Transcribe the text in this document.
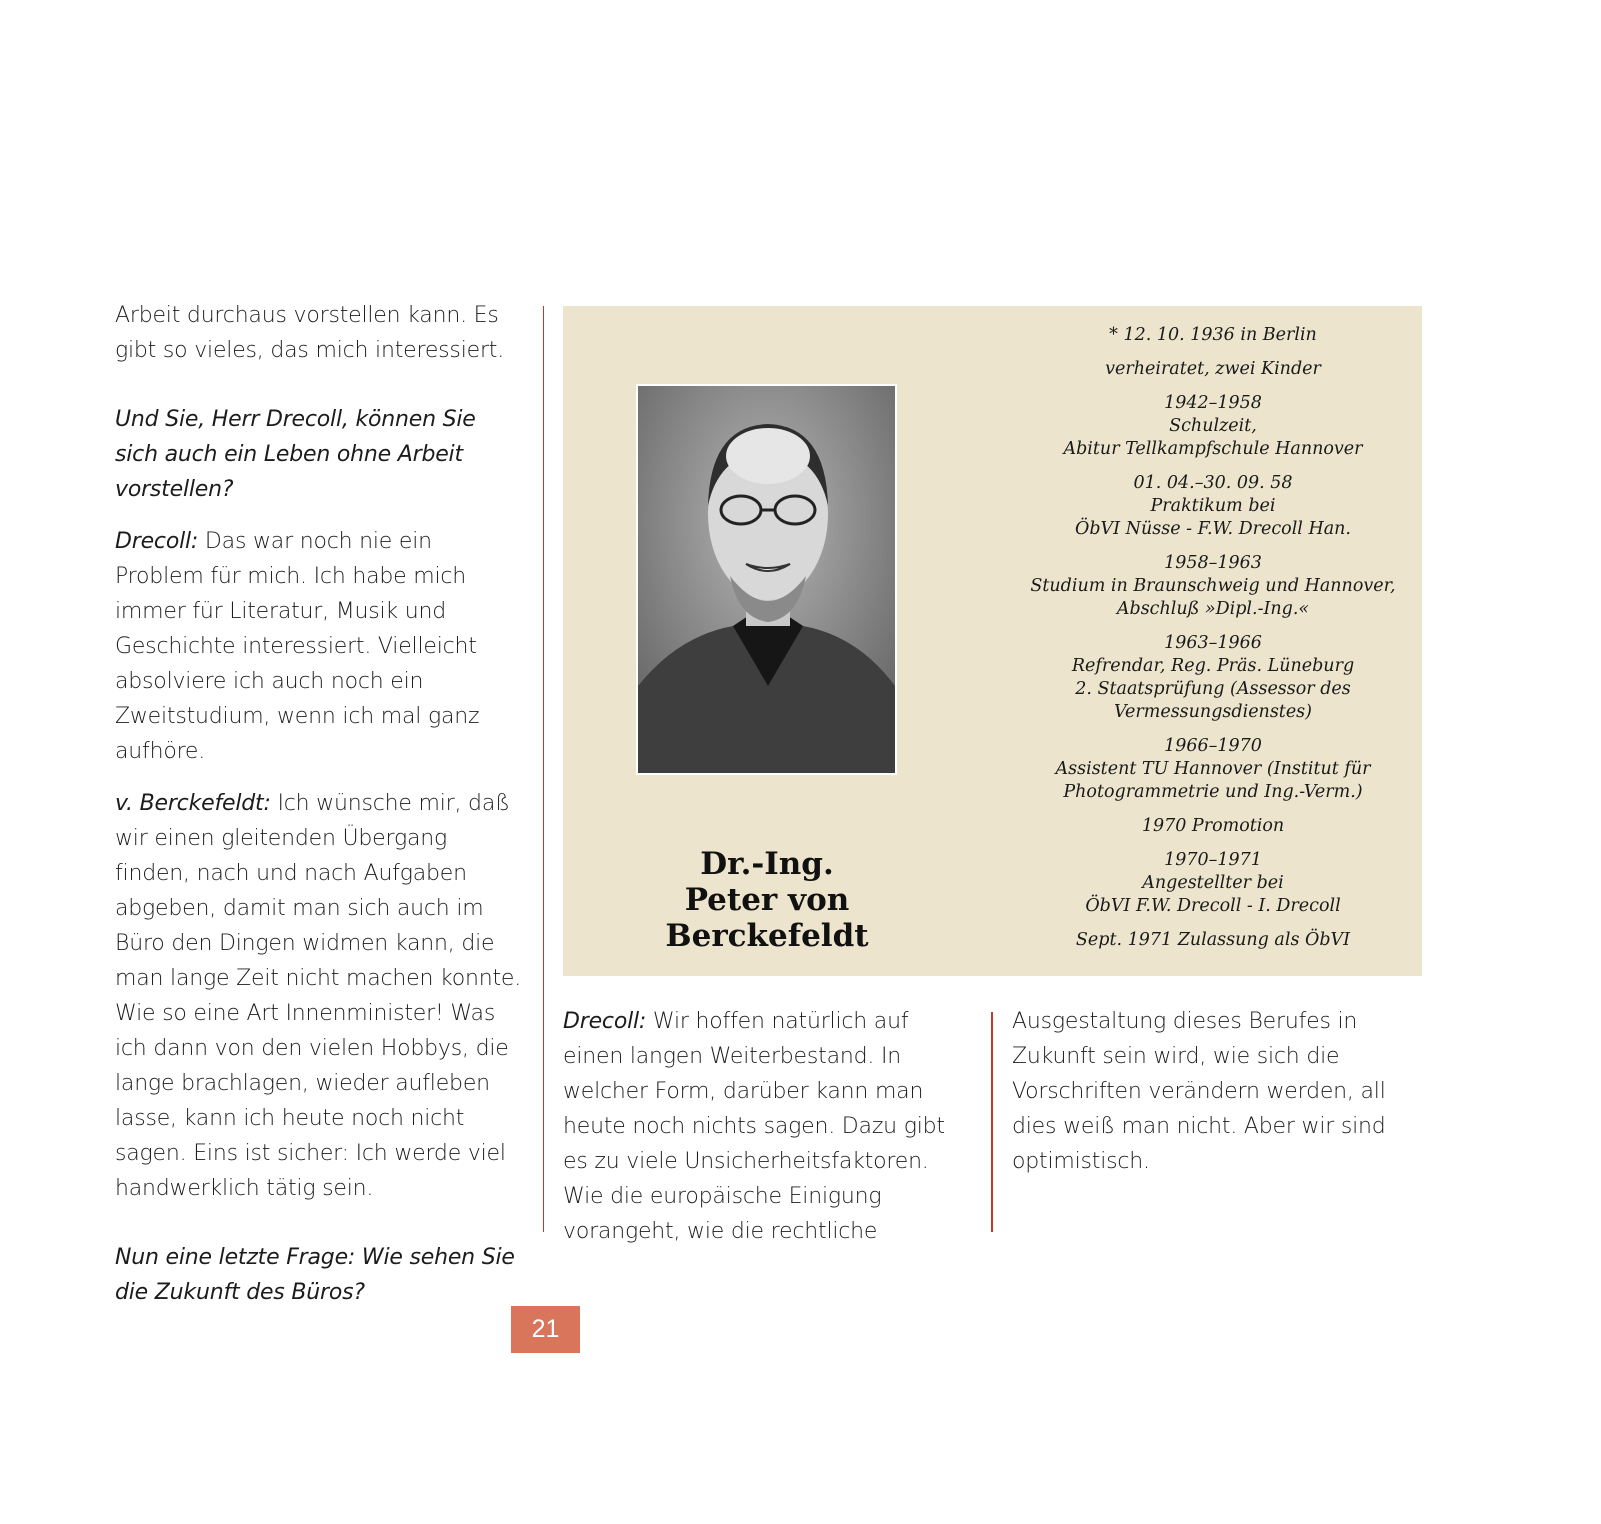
Arbeit durchaus vorstellen kann. Es gibt so vieles, das mich interessiert.

Und Sie, Herr Drecoll, können Sie sich auch ein Leben ohne Arbeit vorstellen?

Drecoll: Das war noch nie ein Problem für mich. Ich habe mich immer für Literatur, Musik und Geschichte interessiert. Vielleicht absolviere ich auch noch ein Zweitstudium, wenn ich mal ganz aufhöre.

v. Berckefeldt: Ich wünsche mir, daß wir einen gleitenden Übergang finden, nach und nach Aufgaben abgeben, damit man sich auch im Büro den Dingen widmen kann, die man lange Zeit nicht machen konnte. Wie so eine Art Innenminister! Was ich dann von den vielen Hobbys, die lange brachlagen, wieder aufleben lasse, kann ich heute noch nicht sagen. Eins ist sicher: Ich werde viel handwerklich tätig sein.

Nun eine letzte Frage: Wie sehen Sie die Zukunft des Büros?

Dr.-Ing.
Peter von Berckefeldt
* 12. 10. 1936 in Berlin
verheiratet, zwei Kinder
1942–1958
Schulzeit,
Abitur Tellkampfschule Hannover
01. 04.–30. 09. 58
Praktikum bei
ÖbVI Nüsse - F.W. Drecoll Han.
1958–1963
Studium in Braunschweig und Hannover,
Abschluß »Dipl.-Ing.«
1963–1966
Refrendar, Reg. Präs. Lüneburg
2. Staatsprüfung (Assessor des
Vermessungsdienstes)
1966–1970
Assistent TU Hannover (Institut für
Photogrammetrie und Ing.-Verm.)
1970 Promotion
1970–1971
Angestellter bei
ÖbVI F.W. Drecoll - I. Drecoll
Sept. 1971 Zulassung als ÖbVI

Drecoll: Wir hoffen natürlich auf einen langen Weiterbestand. In welcher Form, darüber kann man heute noch nichts sagen. Dazu gibt es zu viele Unsicherheitsfaktoren. Wie die europäische Einigung vorangeht, wie die rechtliche

Ausgestaltung dieses Berufes in Zukunft sein wird, wie sich die Vorschriften verändern werden, all dies weiß man nicht. Aber wir sind optimistisch.

21
